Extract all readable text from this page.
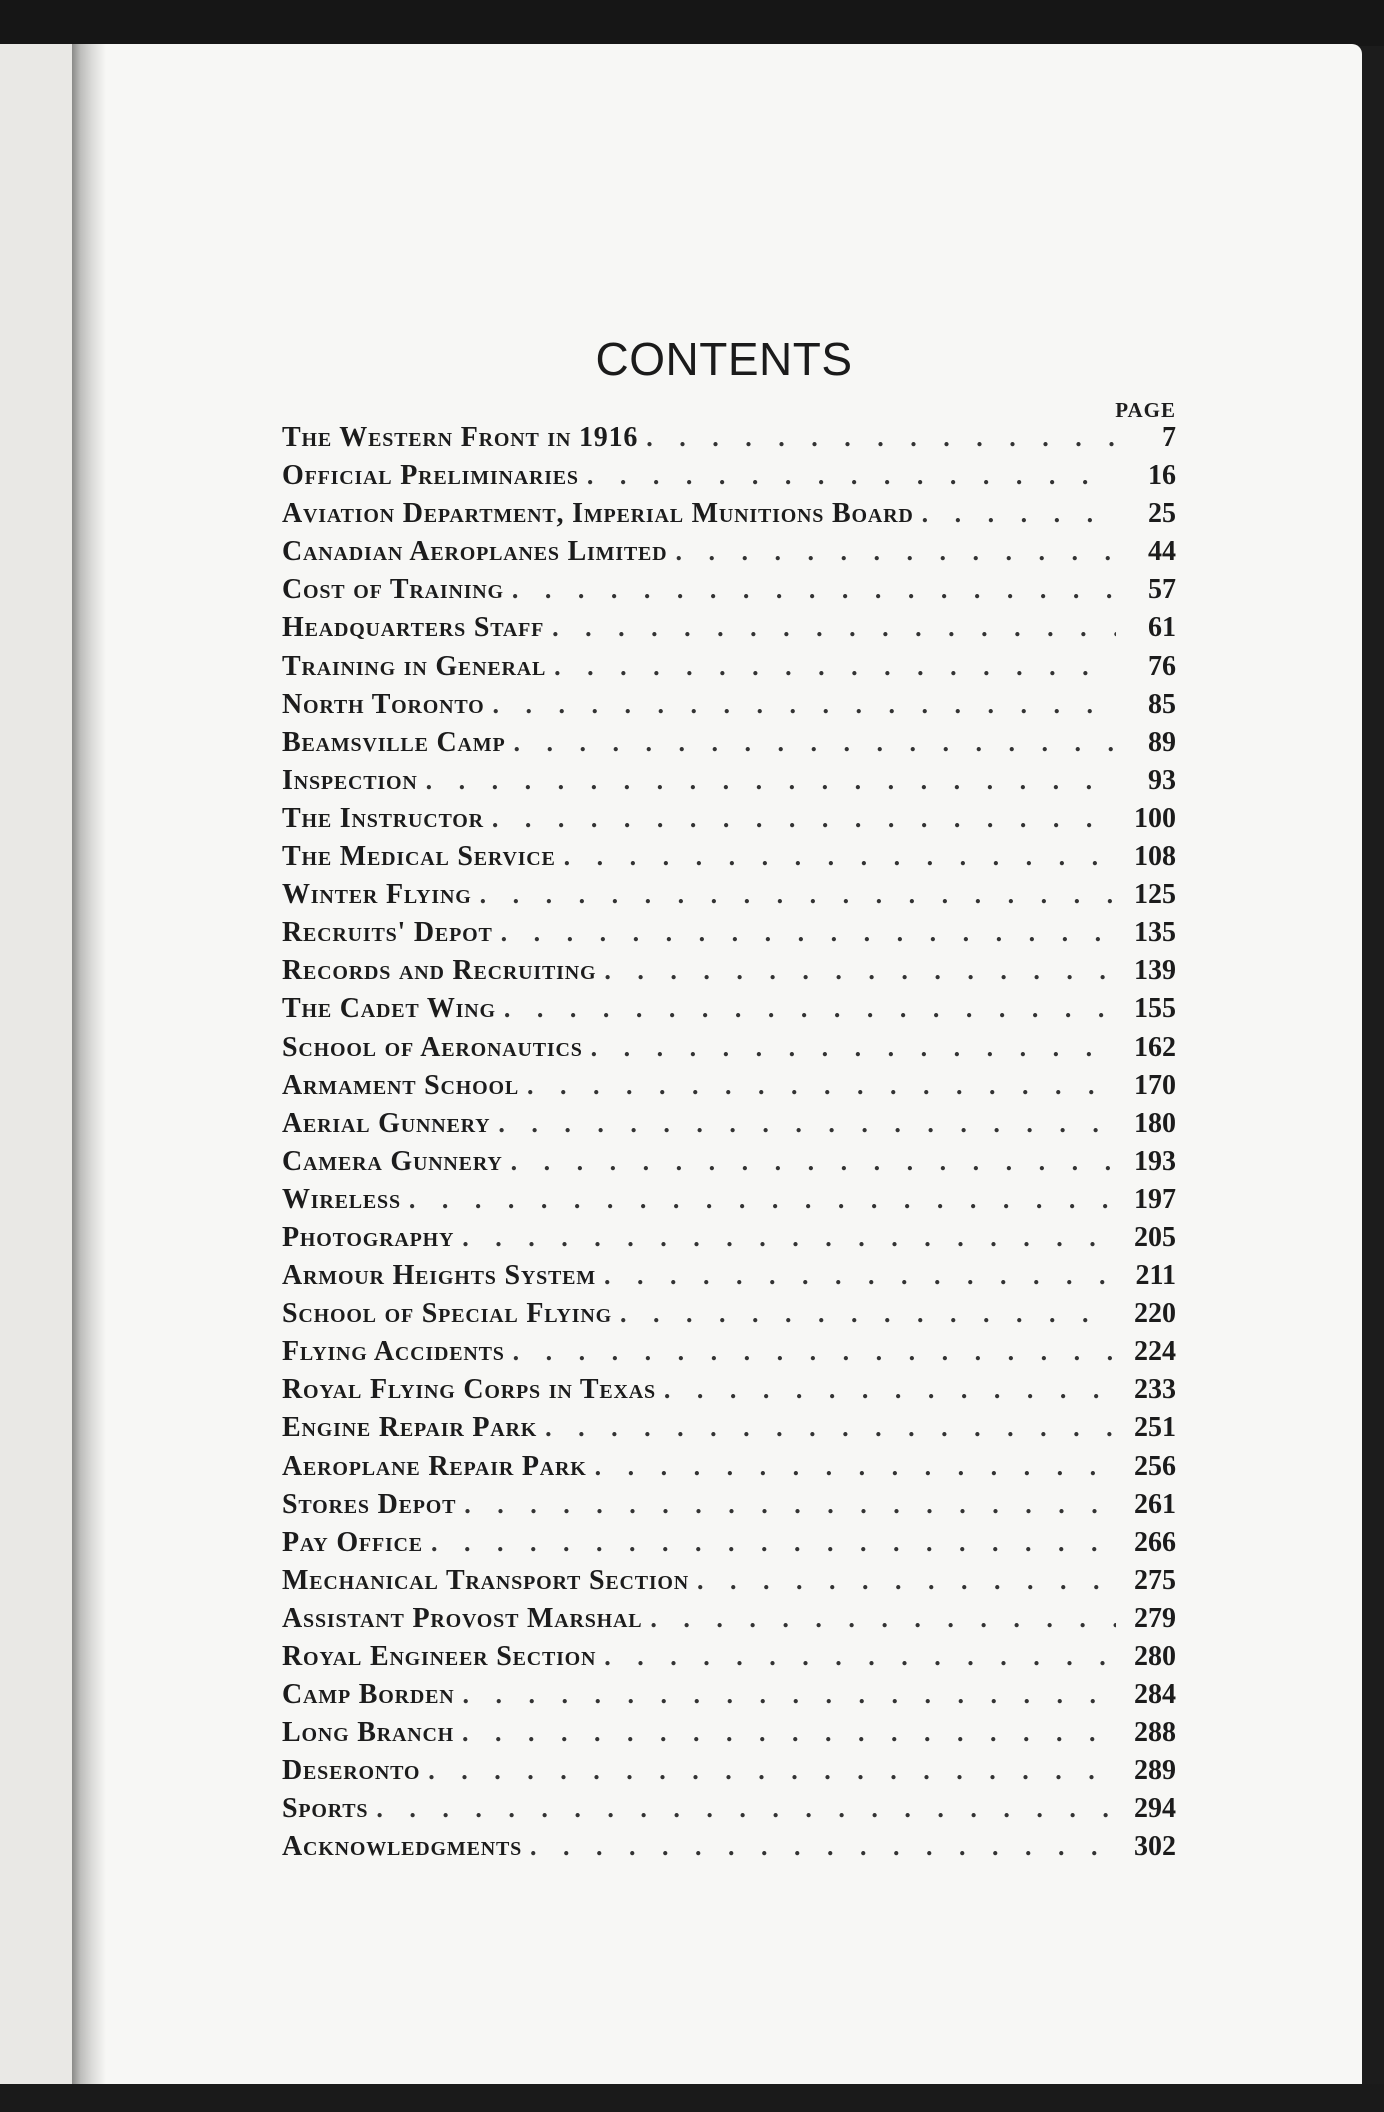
CONTENTS
PAGE
The Western Front in 1916 . . .	7
Official Preliminaries . . .	16
Aviation Department, Imperial Munitions Board . . .	25
Canadian Aeroplanes Limited . . .	44
Cost of Training . . .	57
Headquarters Staff . . .	61
Training in General . . .	76
North Toronto . . .	85
Beamsville Camp . . .	89
Inspection . . .	93
The Instructor . . .	100
The Medical Service . . .	108
Winter Flying . . .	125
Recruits' Depot . . .	135
Records and Recruiting . . .	139
The Cadet Wing . . .	155
School of Aeronautics . . .	162
Armament School . . .	170
Aerial Gunnery . . .	180
Camera Gunnery . . .	193
Wireless . . .	197
Photography . . .	205
Armour Heights System . . .	211
School of Special Flying . . .	220
Flying Accidents . . .	224
Royal Flying Corps in Texas . . .	233
Engine Repair Park . . .	251
Aeroplane Repair Park . . .	256
Stores Depot . . .	261
Pay Office . . .	266
Mechanical Transport Section . . .	275
Assistant Provost Marshal . . .	279
Royal Engineer Section . . .	280
Camp Borden . . .	284
Long Branch . . .	288
Deseronto . . .	289
Sports . . .	294
Acknowledgments . . .	302
